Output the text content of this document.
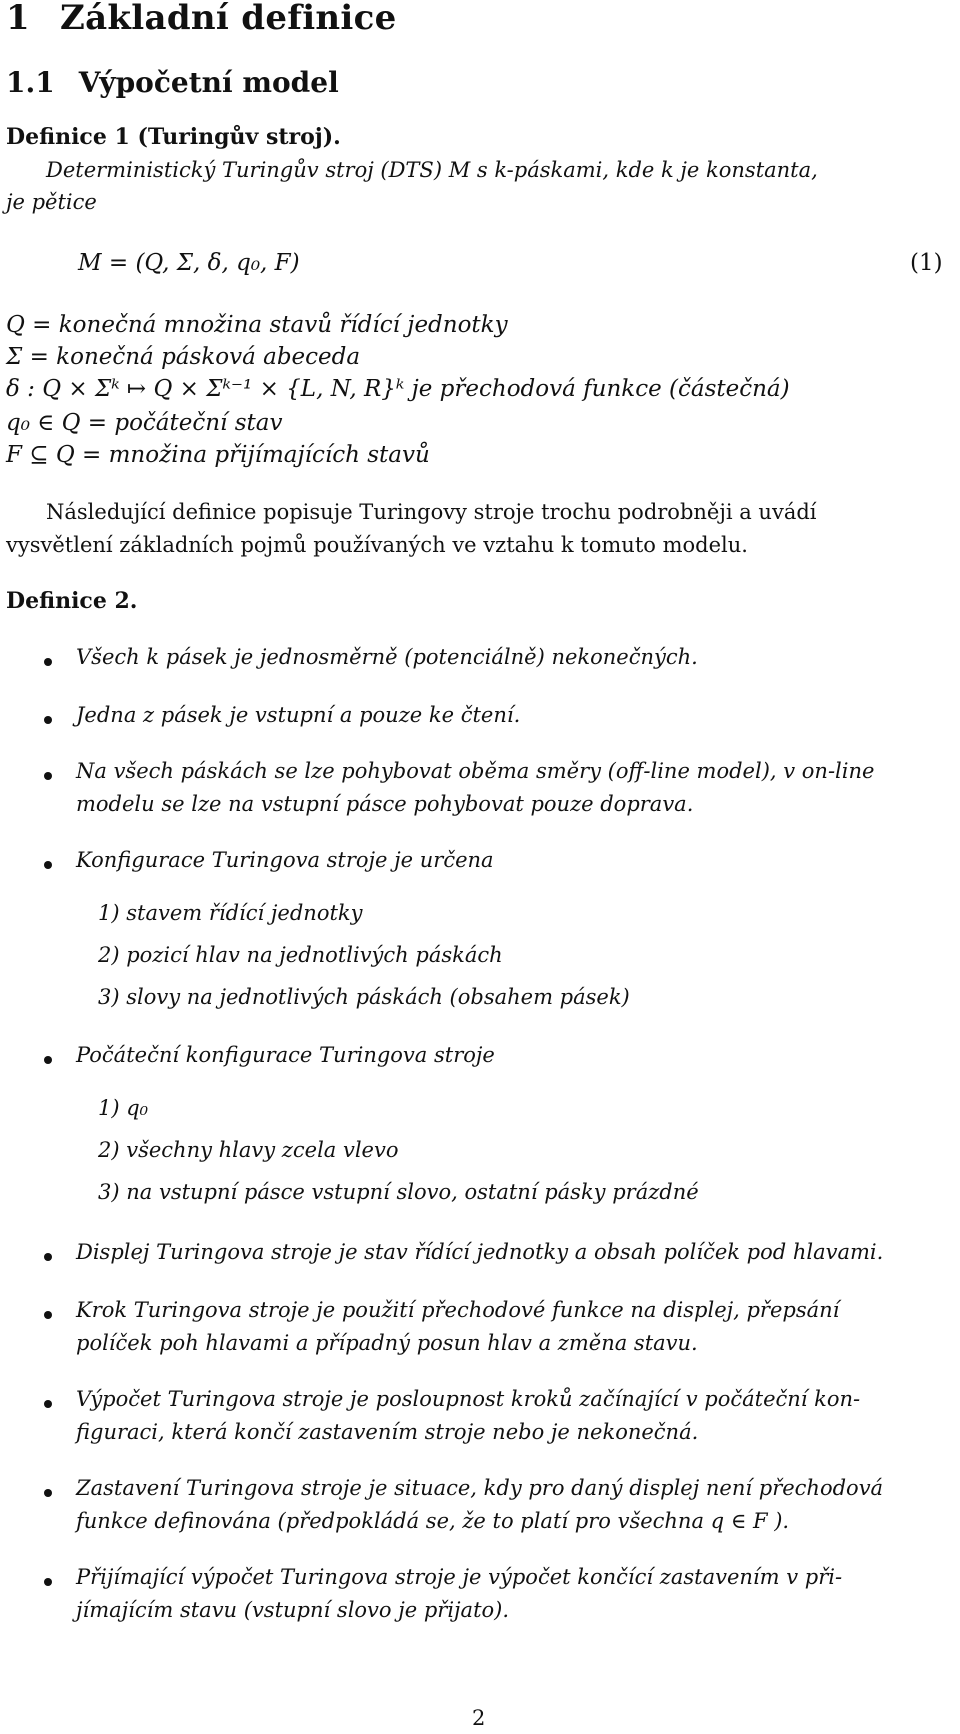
1 Základní definice
1.1 Výpočetní model
Definice 1 (Turingův stroj).
Deterministický Turingův stroj (DTS) M s k-páskami, kde k je konstanta,
je pětice
M = (Q, Σ, δ, q₀, F)	(1)
Q = konečná množina stavů řídící jednotky
Σ = konečná pásková abeceda
δ : Q × Σᵏ ↦ Q × Σᵏ⁻¹ × {L, N, R}ᵏ je přechodová funkce (částečná)
q₀ ∈ Q = počáteční stav
F ⊆ Q = množina přijímajících stavů
Následující definice popisuje Turingovy stroje trochu podrobněji a uvádí
vysvětlení základních pojmů používaných ve vztahu k tomuto modelu.
Definice 2.
Všech k pásek je jednosměrně (potenciálně) nekonečných.
Jedna z pásek je vstupní a pouze ke čtení.
Na všech páskách se lze pohybovat oběma směry (off-line model), v on-line
modelu se lze na vstupní pásce pohybovat pouze doprava.
Konfigurace Turingova stroje je určena
1) stavem řídící jednotky
2) pozicí hlav na jednotlivých páskách
3) slovy na jednotlivých páskách (obsahem pásek)
Počáteční konfigurace Turingova stroje
1) q₀
2) všechny hlavy zcela vlevo
3) na vstupní pásce vstupní slovo, ostatní pásky prázdné
Displej Turingova stroje je stav řídící jednotky a obsah políček pod hlavami.
Krok Turingova stroje je použití přechodové funkce na displej, přepsání
políček poh hlavami a případný posun hlav a změna stavu.
Výpočet Turingova stroje je posloupnost kroků začínající v počáteční kon-
figuraci, která končí zastavením stroje nebo je nekonečná.
Zastavení Turingova stroje je situace, kdy pro daný displej není přechodová
funkce definována (předpokládá se, že to platí pro všechna q ∈ F ).
Přijímající výpočet Turingova stroje je výpočet končící zastavením v při-
jímajícím stavu (vstupní slovo je přijato).
2
